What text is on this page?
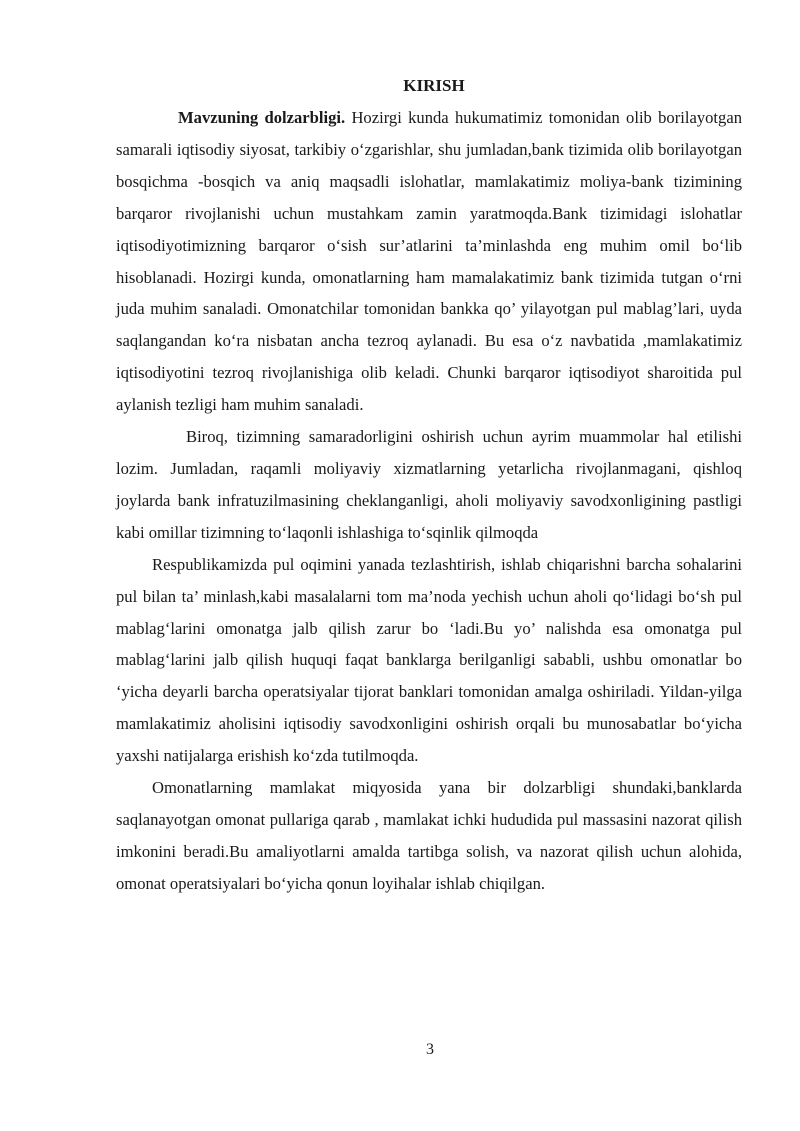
KIRISH

Mavzuning dolzarbligi. Hozirgi kunda hukumatimiz tomonidan olib borilayotgan samarali iqtisodiy siyosat, tarkibiy o‘zgarishlar, shu jumladan,bank tizimida olib borilayotgan bosqichma -bosqich va aniq maqsadli islohatlar, mamlakatimiz moliya-bank tizimining barqaror rivojlanishi uchun mustahkam zamin yaratmoqda.Bank tizimidagi islohatlar iqtisodiyotimizning barqaror o‘sish sur’atlarini ta’minlashda eng muhim omil bo‘lib hisoblanadi. Hozirgi kunda, omonatlarning ham mamalakatimiz bank tizimida tutgan o‘rni juda muhim sanaladi. Omonatchilar tomonidan bankka qo’ yilayotgan pul mablag’lari, uyda saqlangandan ko‘ra nisbatan ancha tezroq aylanadi. Bu esa o‘z navbatida ,mamlakatimiz iqtisodiyotini tezroq rivojlanishiga olib keladi. Chunki barqaror iqtisodiyot sharoitida pul aylanish tezligi ham muhim sanaladi.

Biroq, tizimning samaradorligini oshirish uchun ayrim muammolar hal etilishi lozim. Jumladan, raqamli moliyaviy xizmatlarning yetarlicha rivojlanmagani, qishloq joylarda bank infratuzilmasining cheklanganligi, aholi moliyaviy savodxonligining pastligi kabi omillar tizimning to‘laqonli ishlashiga to‘sqinlik qilmoqda

Respublikamizda pul oqimini yanada tezlashtirish, ishlab chiqarishni barcha sohalarini pul bilan ta’ minlash,kabi masalalarni tom ma’noda yechish uchun aholi qo‘lidagi bo‘sh pul mablag‘larini omonatga jalb qilish zarur bo ‘ladi.Bu yo’ nalishda esa omonatga pul mablag‘larini jalb qilish huquqi faqat banklarga berilganligi sababli, ushbu omonatlar bo ‘yicha deyarli barcha operatsiyalar tijorat banklari tomonidan amalga oshiriladi. Yildan-yilga mamlakatimiz aholisini iqtisodiy savodxonligini oshirish orqali bu munosabatlar bo‘yicha yaxshi natijalarga erishish ko‘zda tutilmoqda.

Omonatlarning mamlakat miqyosida yana bir dolzarbligi shundaki,banklarda saqlanayotgan omonat pullariga qarab , mamlakat ichki hududida pul massasini nazorat qilish imkonini beradi.Bu amaliyotlarni amalda tartibga solish, va nazorat qilish uchun alohida, omonat operatsiyalari bo‘yicha qonun loyihalar ishlab chiqilgan.

3
